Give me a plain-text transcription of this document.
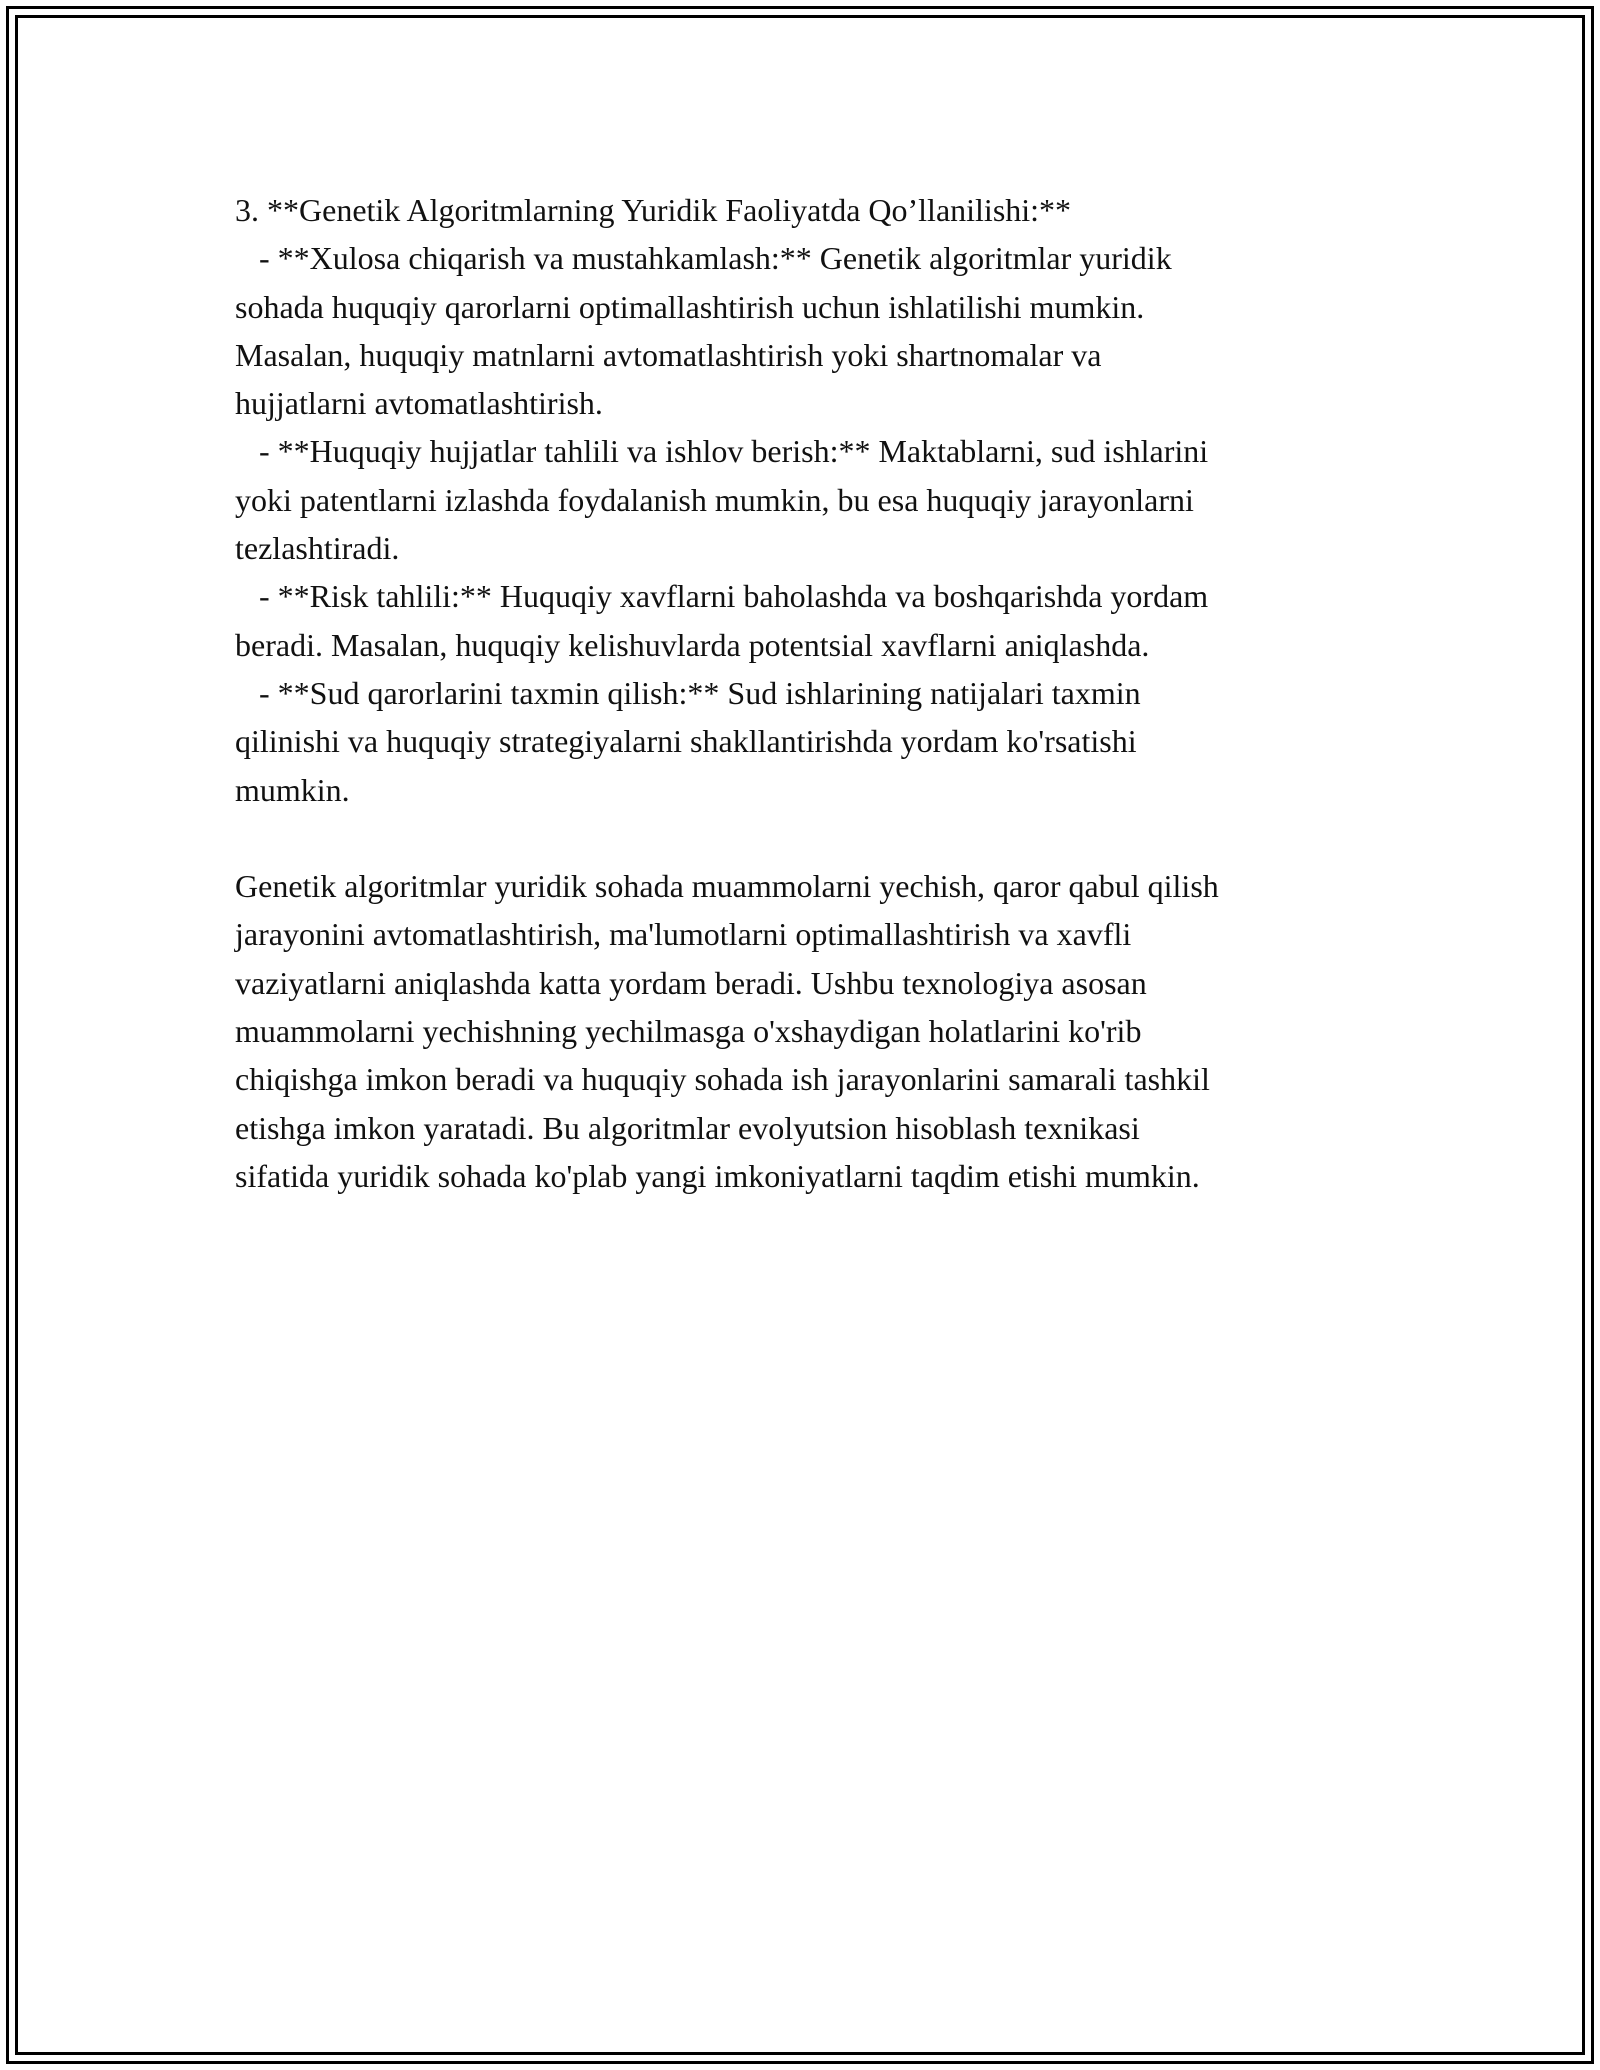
3. **Genetik Algoritmlarning Yuridik Faoliyatda Qo’llanilishi:**
- **Xulosa chiqarish va mustahkamlash:** Genetik algoritmlar yuridik
sohada huquqiy qarorlarni optimallashtirish uchun ishlatilishi mumkin.
Masalan, huquqiy matnlarni avtomatlashtirish yoki shartnomalar va
hujjatlarni avtomatlashtirish.
- **Huquqiy hujjatlar tahlili va ishlov berish:** Maktablarni, sud ishlarini
yoki patentlarni izlashda foydalanish mumkin, bu esa huquqiy jarayonlarni
tezlashtiradi.
- **Risk tahlili:** Huquqiy xavflarni baholashda va boshqarishda yordam
beradi. Masalan, huquqiy kelishuvlarda potentsial xavflarni aniqlashda.
- **Sud qarorlarini taxmin qilish:** Sud ishlarining natijalari taxmin
qilinishi va huquqiy strategiyalarni shakllantirishda yordam ko'rsatishi
mumkin.
Genetik algoritmlar yuridik sohada muammolarni yechish, qaror qabul qilish
jarayonini avtomatlashtirish, ma'lumotlarni optimallashtirish va xavfli
vaziyatlarni aniqlashda katta yordam beradi. Ushbu texnologiya asosan
muammolarni yechishning yechilmasga o'xshaydigan holatlarini ko'rib
chiqishga imkon beradi va huquqiy sohada ish jarayonlarini samarali tashkil
etishga imkon yaratadi. Bu algoritmlar evolyutsion hisoblash texnikasi
sifatida yuridik sohada ko'plab yangi imkoniyatlarni taqdim etishi mumkin.
